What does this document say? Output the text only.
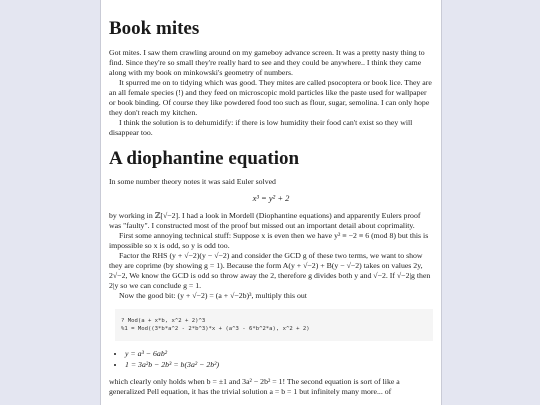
Book mites

Got mites. I saw them crawling around on my gameboy advance screen. It was a pretty nasty thing to find. Since they're so small they're really hard to see and they could be anywhere.. I think they came along with my book on minkowski's geometry of numbers.

It spurred me on to tidying which was good. They mites are called psocoptera or book lice. They are an all female species (!) and they feed on microscopic mold particles like the paste used for wallpaper or book binding. Of course they like powdered food too such as flour, sugar, semolina. I can only hope they don't reach my kitchen.

I think the solution is to dehumidify: if there is low humidity their food can't exist so they will disappear too.

A diophantine equation

In some number theory notes it was said Euler solved

x³ = y² + 2

by working in ℤ[√−2]. I had a look in Mordell (Diophantine equations) and apparently Eulers proof was "faulty". I constructed most of the proof but missed out an important detail about coprimality.

First some annoying technical stuff: Suppose x is even then we have y² ≡ −2 ≡ 6 (mod 8) but this is impossible so x is odd, so y is odd too.

Factor the RHS (y + √−2)(y − √−2) and consider the GCD g of these two terms, we want to show they are coprime (by showing g = 1). Because the form A(y + √−2) + B(y − √−2) takes on values 2y, 2√−2, We know the GCD is odd so throw away the 2, therefore g divides both y and √−2. If √−2|g then 2|y so we can conclude g = 1.

Now the good bit: (y + √−2) = (a + √−2b)³, multiply this out

? Mod(a + x*b, x^2 + 2)^3
%1 = Mod((3*b*a^2 - 2*b^3)*x + (a^3 - 6*b^2*a), x^2 + 2)
• y = a³ − 6ab²
• 1 = 3a²b − 2b³ = b(3a² − 2b²)

which clearly only holds when b = ±1 and 3a² − 2b² = 1! The second equation is sort of like a generalized Pell equation, it has the trivial solution a = b = 1 but infinitely many more... of
